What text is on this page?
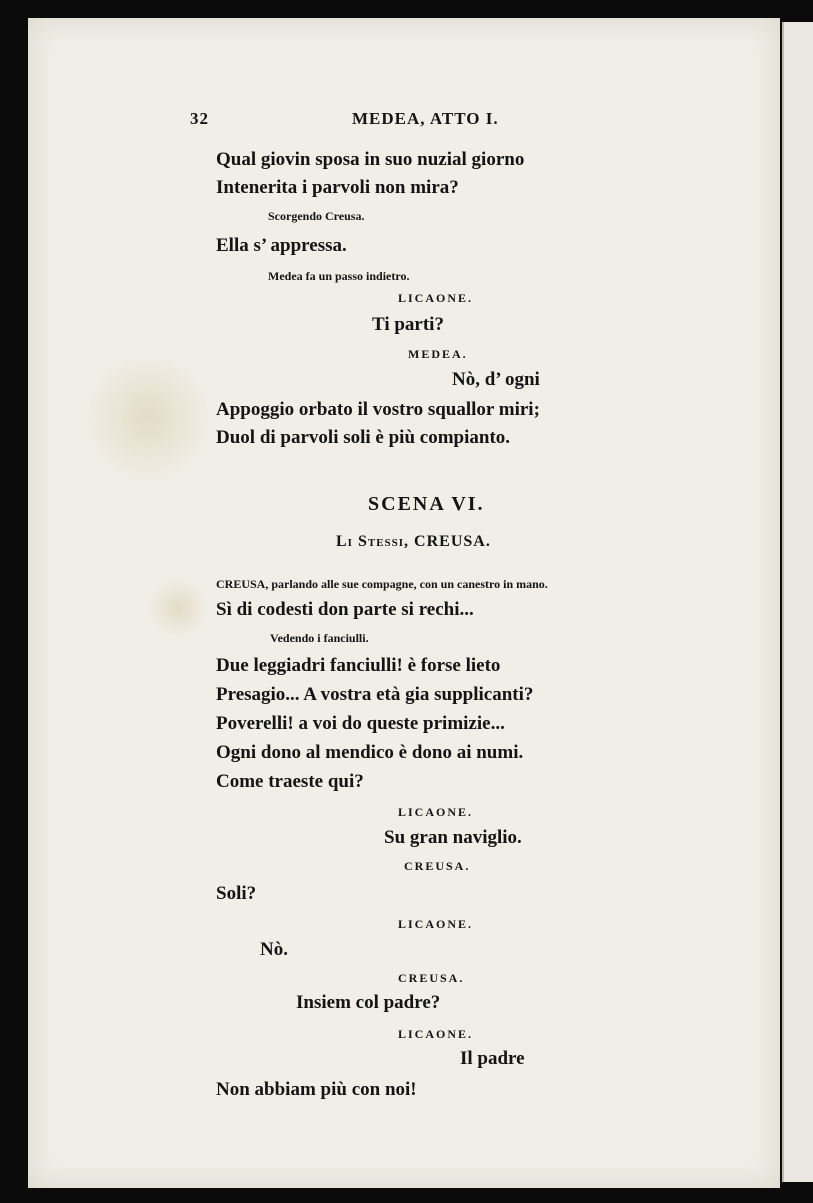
32	MEDEA, ATTO I.
Qual giovin sposa in suo nuzial giorno
Intenerita i parvoli non mira?
Scorgendo Creusa.
Ella s’ appressa.
Medea fa un passo indietro.
LICAONE.
Ti parti?
MEDEA.
Nò, d’ ogni
Appoggio orbato il vostro squallor miri;
Duol di parvoli soli è più compianto.
SCENA VI.
Li Stessi, CREUSA.
CREUSA, parlando alle sue compagne, con un canestro in mano.
Sì di codesti don parte si rechi...
Vedendo i fanciulli.
Due leggiadri fanciulli! è forse lieto
Presagio... A vostra età gia supplicanti?
Poverelli! a voi do queste primizie...
Ogni dono al mendico è dono ai numi.
Come traeste qui?
LICAONE.
Su gran naviglio.
CREUSA.
Soli?
LICAONE.
Nò.
CREUSA.
Insiem col padre?
LICAONE.
Il padre
Non abbiam più con noi!
